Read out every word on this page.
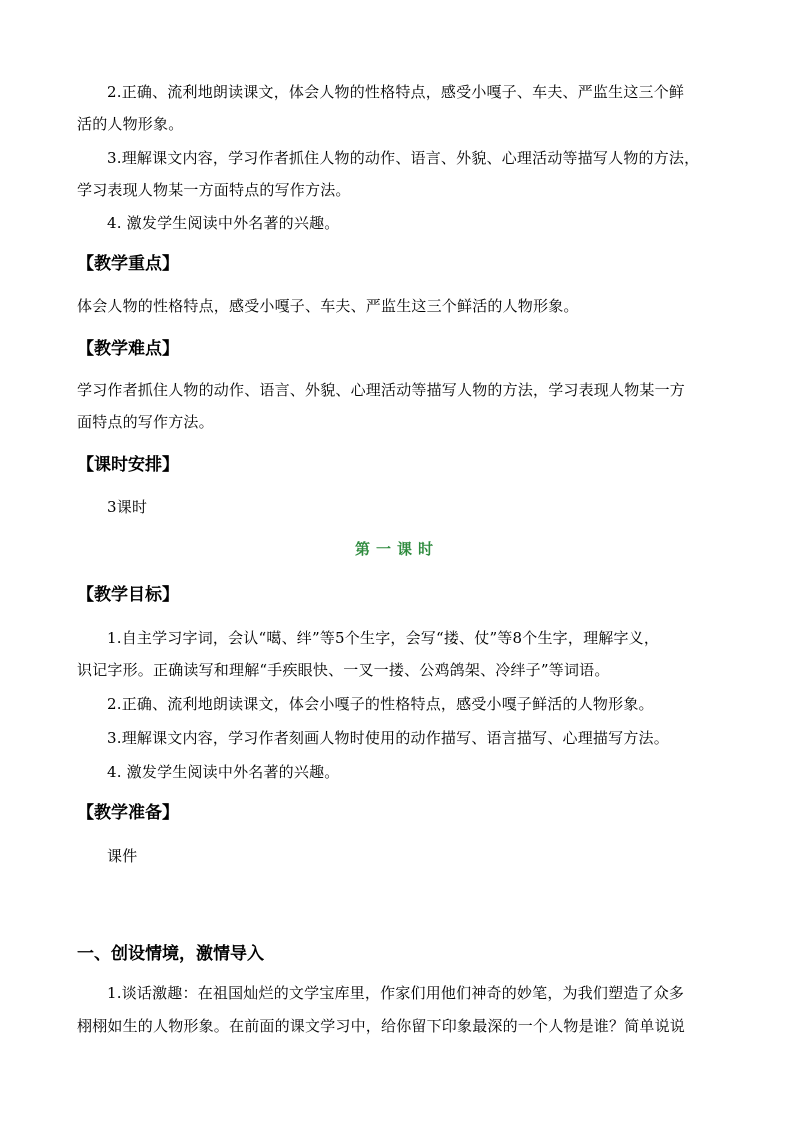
2.正确、流利地朗读课文，体会人物的性格特点，感受小嘎子、车夫、严监生这三个鲜
活的人物形象。
3.理解课文内容，学习作者抓住人物的动作、语言、外貌、心理活动等描写人物的方法，
学习表现人物某一方面特点的写作方法。
4. 激发学生阅读中外名著的兴趣。
【教学重点】
体会人物的性格特点，感受小嘎子、车夫、严监生这三个鲜活的人物形象。
【教学难点】
学习作者抓住人物的动作、语言、外貌、心理活动等描写人物的方法，学习表现人物某一方
面特点的写作方法。
【课时安排】
3课时
第一课时
【教学目标】
1.自主学习字词，会认“噶、绊”等5个生字，会写“搂、仗”等8个生字，理解字义，
识记字形。正确读写和理解“手疾眼快、一叉一搂、公鸡鸽架、冷绊子”等词语。
2.正确、流利地朗读课文，体会小嘎子的性格特点，感受小嘎子鲜活的人物形象。
3.理解课文内容，学习作者刻画人物时使用的动作描写、语言描写、心理描写方法。
4. 激发学生阅读中外名著的兴趣。
【教学准备】
课件
一、创设情境，激情导入
1.谈话激趣：在祖国灿烂的文学宝库里，作家们用他们神奇的妙笔，为我们塑造了众多
栩栩如生的人物形象。在前面的课文学习中，给你留下印象最深的一个人物是谁？简单说说
